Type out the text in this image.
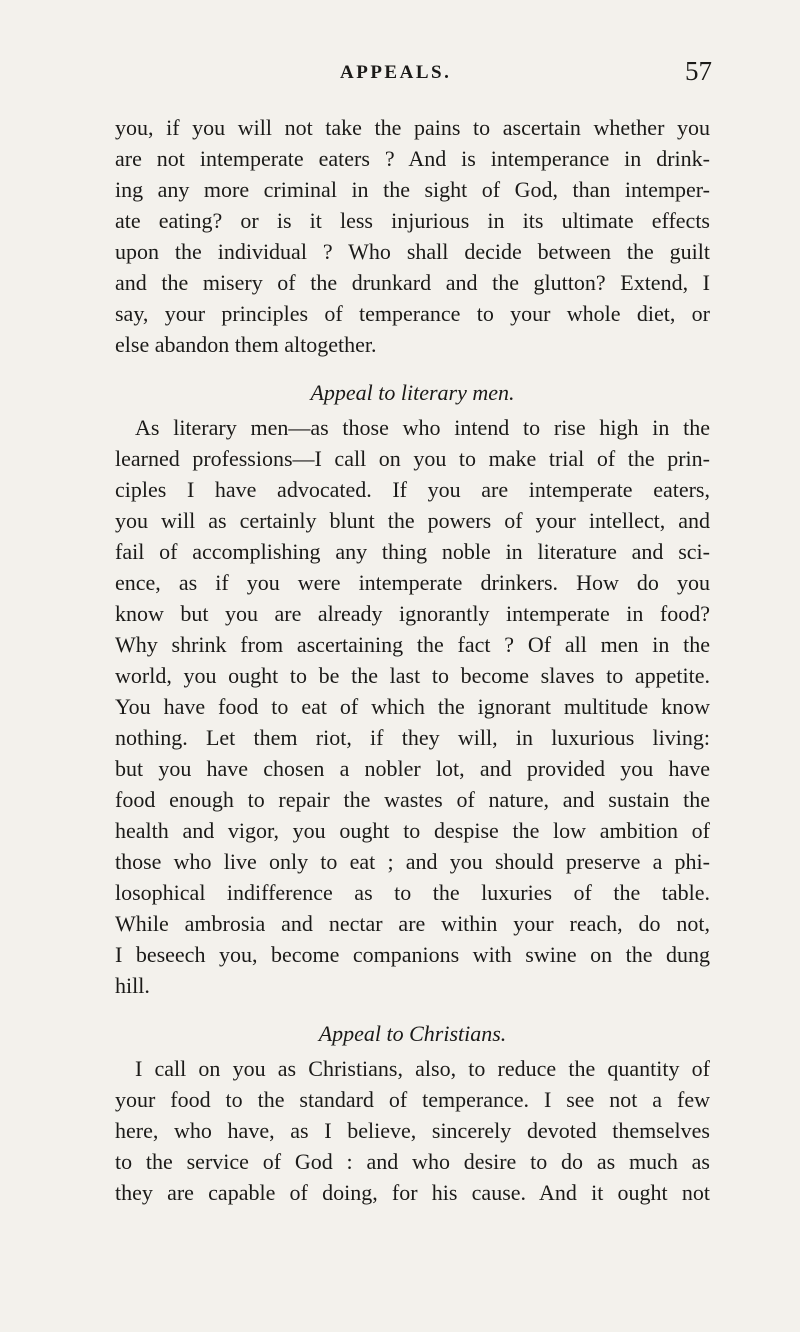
APPEALS.	57
you, if you will not take the pains to ascertain whether you
are not intemperate eaters ? And is intemperance in drink-
ing any more criminal in the sight of God, than intemper-
ate eating? or is it less injurious in its ultimate effects
upon the individual ? Who shall decide between the guilt
and the misery of the drunkard and the glutton? Extend, I
say, your principles of temperance to your whole diet, or
else abandon them altogether.
Appeal to literary men.
As literary men—as those who intend to rise high in the
learned professions—I call on you to make trial of the prin-
ciples I have advocated. If you are intemperate eaters,
you will as certainly blunt the powers of your intellect, and
fail of accomplishing any thing noble in literature and sci-
ence, as if you were intemperate drinkers. How do you
know but you are already ignorantly intemperate in food?
Why shrink from ascertaining the fact ? Of all men in the
world, you ought to be the last to become slaves to appetite.
You have food to eat of which the ignorant multitude know
nothing. Let them riot, if they will, in luxurious living:
but you have chosen a nobler lot, and provided you have
food enough to repair the wastes of nature, and sustain the
health and vigor, you ought to despise the low ambition of
those who live only to eat ; and you should preserve a phi-
losophical indifference as to the luxuries of the table.
While ambrosia and nectar are within your reach, do not,
I beseech you, become companions with swine on the dung
hill.
Appeal to Christians.
I call on you as Christians, also, to reduce the quantity of
your food to the standard of temperance. I see not a few
here, who have, as I believe, sincerely devoted themselves
to the service of God : and who desire to do as much as
they are capable of doing, for his cause. And it ought not
